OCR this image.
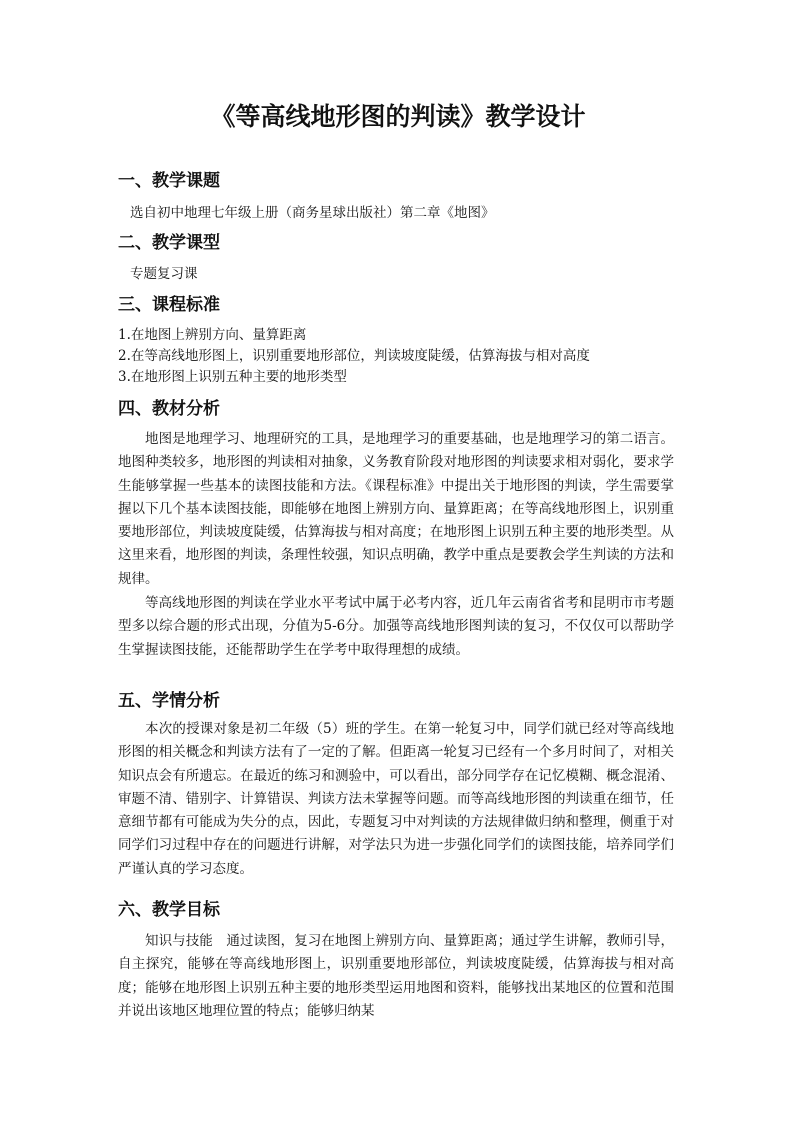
《等高线地形图的判读》教学设计
一、教学课题
选自初中地理七年级上册（商务星球出版社）第二章《地图》
二、教学课型
专题复习课
三、课程标准
1.在地图上辨别方向、量算距离
2.在等高线地形图上，识别重要地形部位，判读坡度陡缓，估算海拔与相对高度
3.在地形图上识别五种主要的地形类型
四、教材分析

地图是地理学习、地理研究的工具，是地理学习的重要基础，也是地理学习的第二语言。地图种类较多，地形图的判读相对抽象，义务教育阶段对地形图的判读要求相对弱化，要求学生能够掌握一些基本的读图技能和方法。《课程标准》中提出关于地形图的判读，学生需要掌握以下几个基本读图技能，即能够在地图上辨别方向、量算距离；在等高线地形图上，识别重要地形部位，判读坡度陡缓，估算海拔与相对高度；在地形图上识别五种主要的地形类型。从这里来看，地形图的判读，条理性较强，知识点明确，教学中重点是要教会学生判读的方法和规律。

等高线地形图的判读在学业水平考试中属于必考内容，近几年云南省省考和昆明市市考题型多以综合题的形式出现，分值为5-6分。加强等高线地形图判读的复习，不仅仅可以帮助学生掌握读图技能，还能帮助学生在学考中取得理想的成绩。

五、学情分析

本次的授课对象是初二年级（5）班的学生。在第一轮复习中，同学们就已经对等高线地形图的相关概念和判读方法有了一定的了解。但距离一轮复习已经有一个多月时间了，对相关知识点会有所遗忘。在最近的练习和测验中，可以看出，部分同学存在记忆模糊、概念混淆、审题不清、错别字、计算错误、判读方法未掌握等问题。而等高线地形图的判读重在细节，任意细节都有可能成为失分的点，因此，专题复习中对判读的方法规律做归纳和整理，侧重于对同学们习过程中存在的问题进行讲解，对学法只为进一步强化同学们的读图技能，培养同学们严谨认真的学习态度。

六、教学目标

知识与技能　通过读图，复习在地图上辨别方向、量算距离；通过学生讲解，教师引导，自主探究，能够在等高线地形图上，识别重要地形部位，判读坡度陡缓，估算海拔与相对高度；能够在地形图上识别五种主要的地形类型运用地图和资料，能够找出某地区的位置和范围并说出该地区地理位置的特点；能够归纳某
